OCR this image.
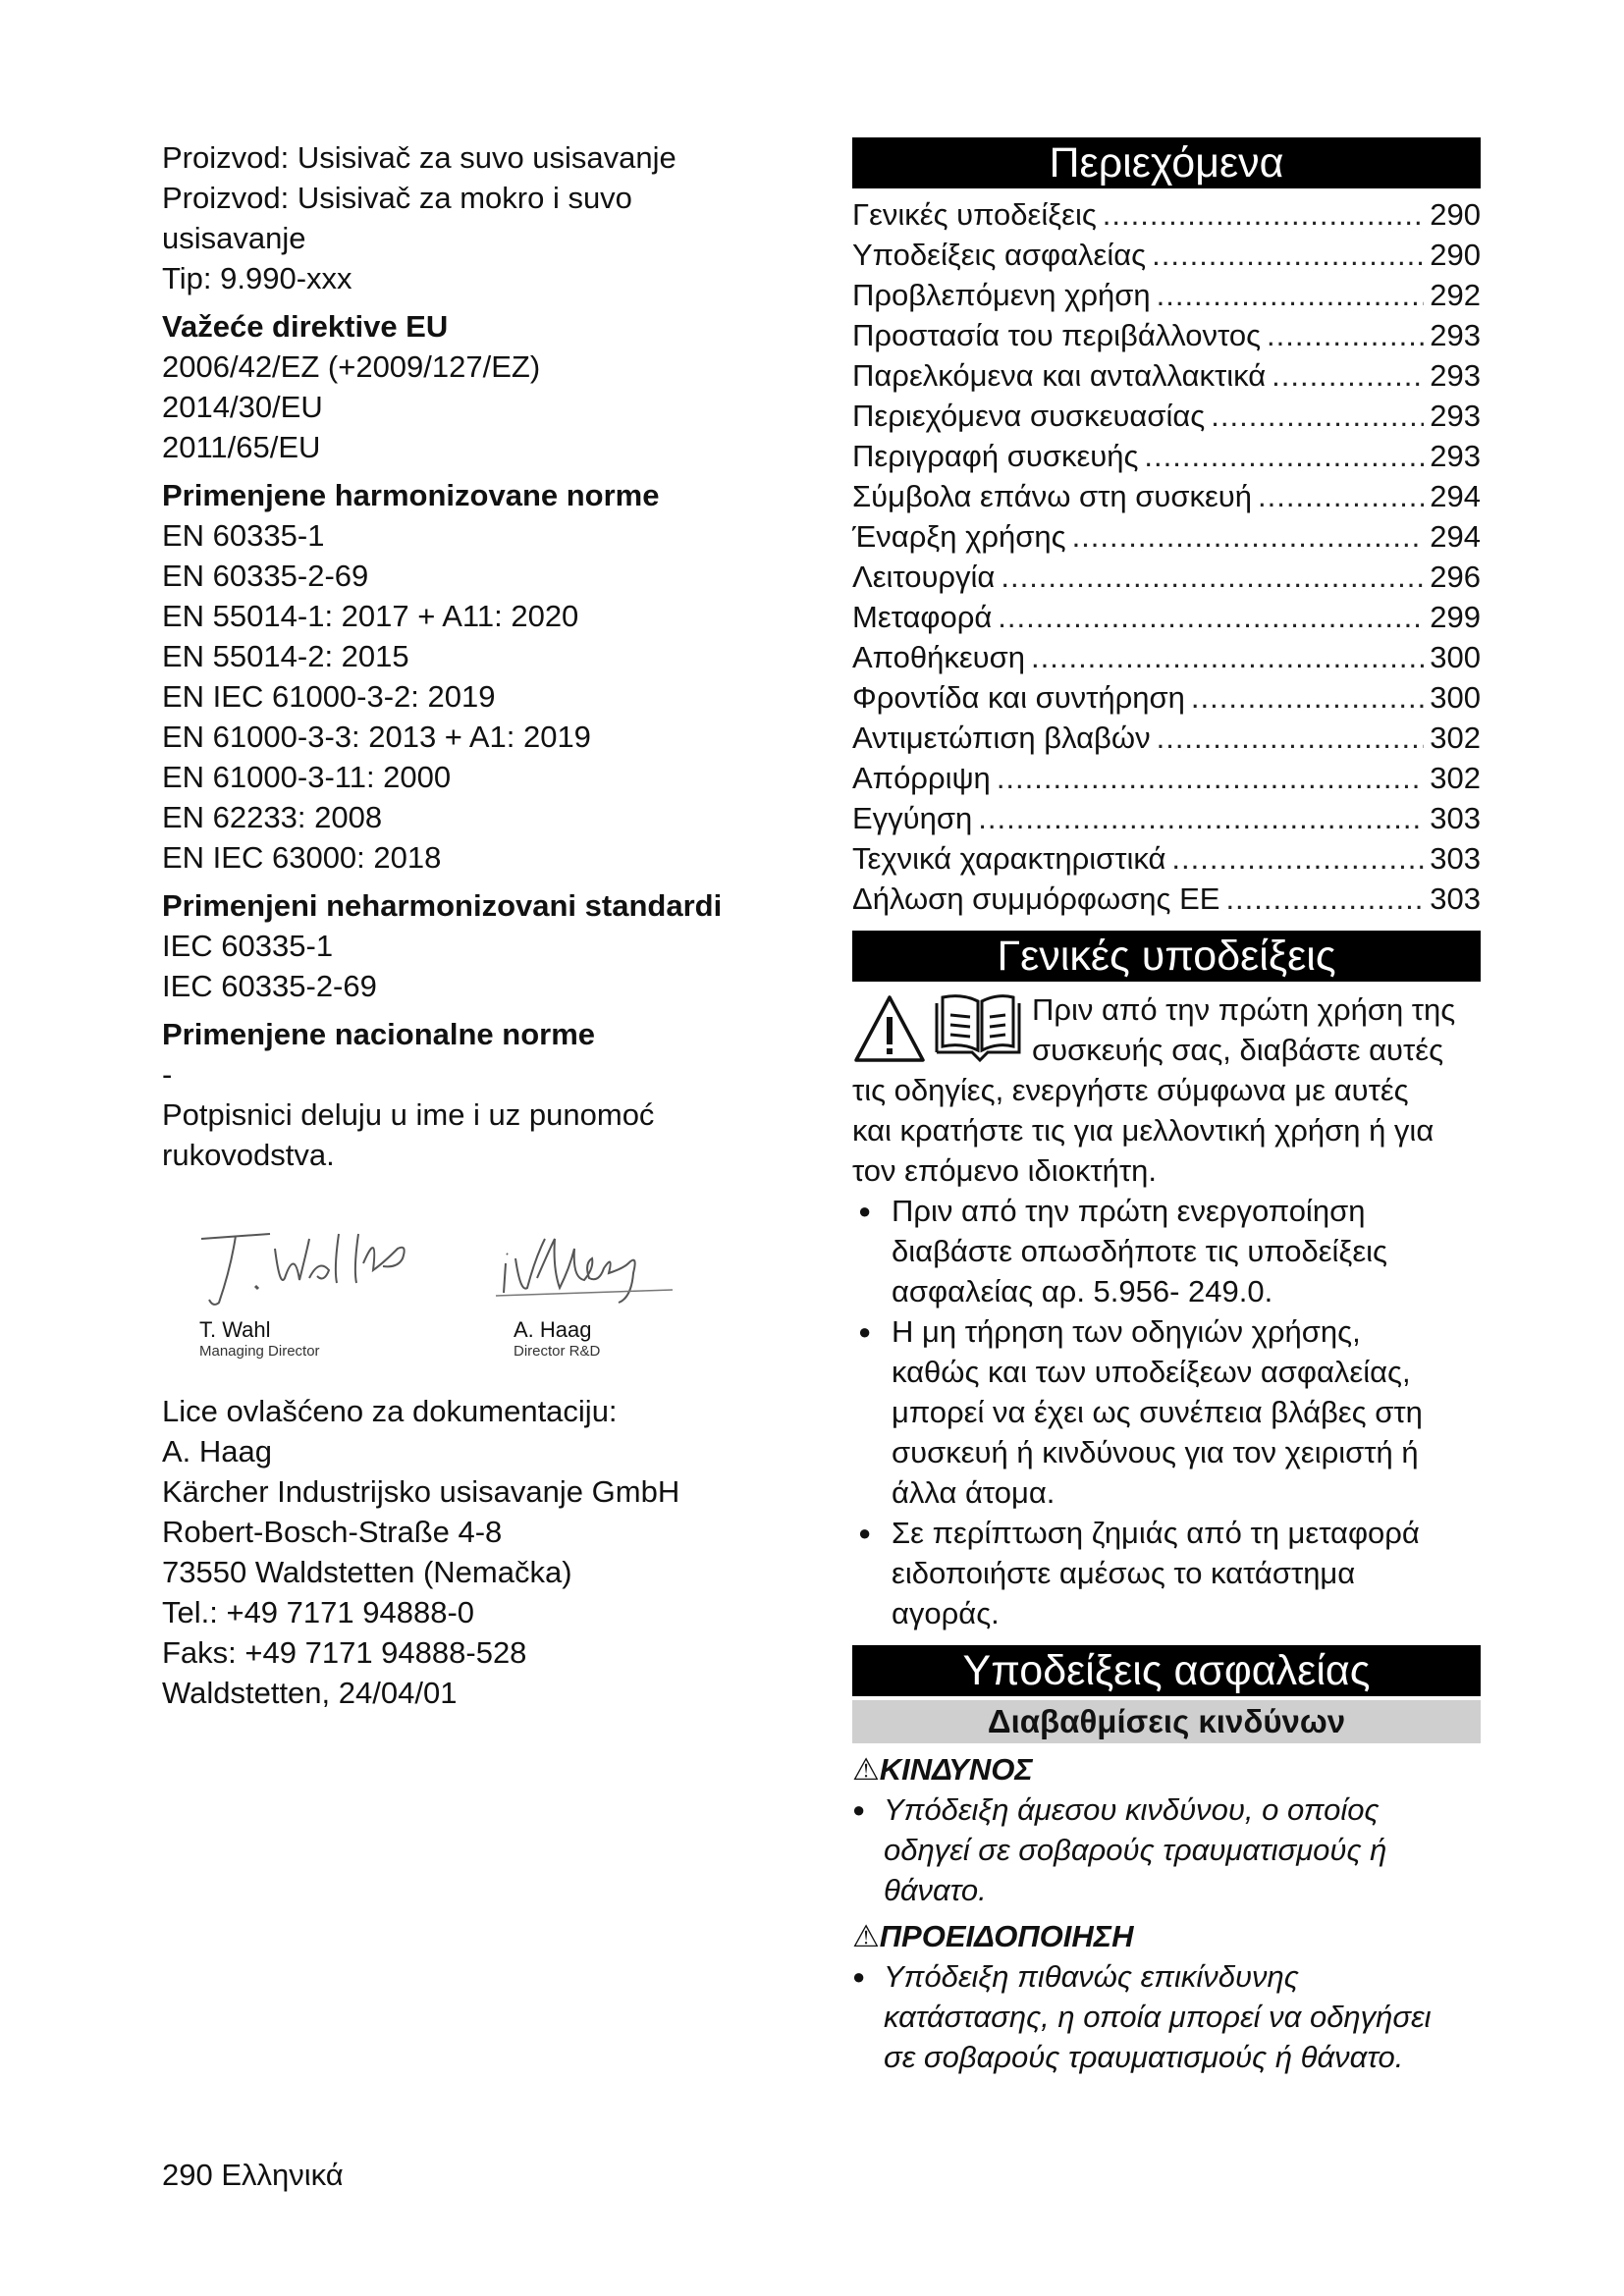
Proizvod: Usisivač za suvo usisavanje
Proizvod: Usisivač za mokro i suvo
usisavanje
Tip: 9.990-xxx
Važeće direktive EU
2006/42/EZ (+2009/127/EZ)
2014/30/EU
2011/65/EU
Primenjene harmonizovane norme
EN 60335-1
EN 60335-2-69
EN 55014-1: 2017 + A11: 2020
EN 55014-2: 2015
EN IEC 61000-3-2: 2019
EN 61000-3-3: 2013 + A1: 2019
EN 61000-3-11: 2000
EN 62233: 2008
EN IEC 63000: 2018
Primenjeni neharmonizovani standardi
IEC 60335-1
IEC 60335-2-69
Primenjene nacionalne norme
-
Potpisnici deluju u ime i uz punomoć
rukovodstva.
T. Wahl
Managing Director
A. Haag
Director R&D
Lice ovlašćeno za dokumentaciju:
A. Haag
Kärcher Industrijsko usisavanje GmbH
Robert-Bosch-Straße 4-8
73550 Waldstetten (Nemačka)
Tel.: +49 7171 94888-0
Faks: +49 7171 94888-528
Waldstetten, 24/04/01
Περιεχόμενα
Γενικές υποδείξεις .....	290
Υποδείξεις ασφαλείας .....	290
Προβλεπόμενη χρήση .....	292
Προστασία του περιβάλλοντος .....	293
Παρελκόμενα και ανταλλακτικά .....	293
Περιεχόμενα συσκευασίας .....	293
Περιγραφή συσκευής .....	293
Σύμβολα επάνω στη συσκευή .....	294
Έναρξη χρήσης .....	294
Λειτουργία .....	296
Μεταφορά .....	299
Αποθήκευση .....	300
Φροντίδα και συντήρηση .....	300
Αντιμετώπιση βλαβών .....	302
Απόρριψη .....	302
Εγγύηση .....	303
Τεχνικά χαρακτηριστικά .....	303
Δήλωση συμμόρφωσης ΕΕ .....	303
Γενικές υποδείξεις
Πριν από την πρώτη χρήση της
συσκευής σας, διαβάστε αυτές
τις οδηγίες, ενεργήστε σύμφωνα με αυτές
και κρατήστε τις για μελλοντική χρήση ή για
τον επόμενο ιδιοκτήτη.
● Πριν από την πρώτη ενεργοποίηση
διαβάστε οπωσδήποτε τις υποδείξεις
ασφαλείας αρ. 5.956- 249.0.
● Η μη τήρηση των οδηγιών χρήσης,
καθώς και των υποδείξεων ασφαλείας,
μπορεί να έχει ως συνέπεια βλάβες στη
συσκευή ή κινδύνους για τον χειριστή ή
άλλα άτομα.
● Σε περίπτωση ζημιάς από τη μεταφορά
ειδοποιήστε αμέσως το κατάστημα
αγοράς.
Υποδείξεις ασφαλείας
Διαβαθμίσεις κινδύνων
⚠ΚΙΝΔΥΝΟΣ
● Υπόδειξη άμεσου κινδύνου, ο οποίος
οδηγεί σε σοβαρούς τραυματισμούς ή
θάνατο.
⚠ΠΡΟΕΙΔΟΠΟΙΗΣΗ
● Υπόδειξη πιθανώς επικίνδυνης
κατάστασης, η οποία μπορεί να οδηγήσει
σε σοβαρούς τραυματισμούς ή θάνατο.
290 Ελληνικά
